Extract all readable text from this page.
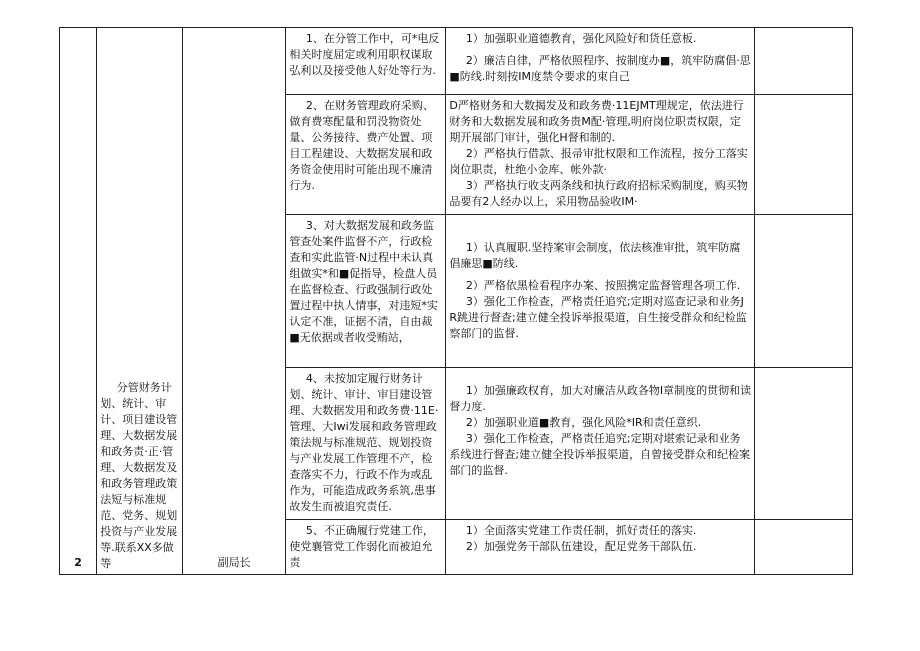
2	分管财务计划、统计、审计、项目建设管理、大数据发展和政务责·正·管理、大数据发及和政务管理政策法短与标准规范、党务、规划投资与产业发展等.联系XX多做等	副局长	1、在分管工作中，可*电反相关时度屈定或利用职权谋取弘利以及接受他人好处等行为.	1）加强职业道德教育，强化风险好和货任意板.
2）廉洁自律，严格依照程序、按制度办■，筑牢防腐倡·思■防线.时刻按IM度禁令要求的束自己	

			2、在财务管理政府采购、做育费寒配量和罚没物资处量、公务接待、费产处置、项目工程建设、大数据发展和政务资金使用时可能出现不廉清行为.	D严格财务和大数揭发及和政务费·11EJMT理规定，依法进行财务和大数据发展和政务贵M配·管理,明府岗位职责权限，定期开展部门审计，强化H督和制的.
2）严格执行借款、报帚审批权限和工作流程，按分工落实岗位职责，杜绝小金库、帐外款·
3）严格执行收支两条线和执行政府招标采购制度，购买物品要有2人经办以上，采用物品验收IM·	

			3、对大数据发展和政务监管查处案件监督不产，行政检查和实此监管·N过程中未认真组做实*和■促指导，检盘人员在监督检查、行政强制行政处置过程中执人情事，对违短*实认定不准，证据不清，自由裁■无依据或者收受贿站，	1）认真履职.坚持案审会制度，依法核准审批，筑牢防腐倡廉思■防线.
2）严格依黑检看程序办案、按照携定监督管理各项工作.
3）强化工作检查，严格责任追究;定期对巡查记录和业务JR跳进行督查;建立健全投诉举报渠道，自生接受群众和纪检监察部门的监督.	

			4、未按加定履行财务计划、统计、审计、审目建设管理、大数据发用和政务费·11E·管理、大Iwi发展和政务管理政策法规与标准规范、规划投资与产业发展工作管理不产，检查落实不力，行政不作为或乱作为，可能造成政务系筑,患事故发生而被追究责任.	1）加强廉政权育，加大对廉洁从政各物I章制度的贯彻和读督力度.
2）加强职业道■教育，强化风险*IR和责任意织.
3）强化工作检查，严格责任追究;定期对堪索记录和业务系线进行督查;建立健全投诉举报渠道，自曾接受群众和纪检案部门的监督.	

			5、不正确履行党建工作，使党襄管党工作弱化而被迫允责	1）全面落实党建工作责任制，抓好责任的落实.
2）加强党务干部队伍建设，配足党务干部队伍.	
